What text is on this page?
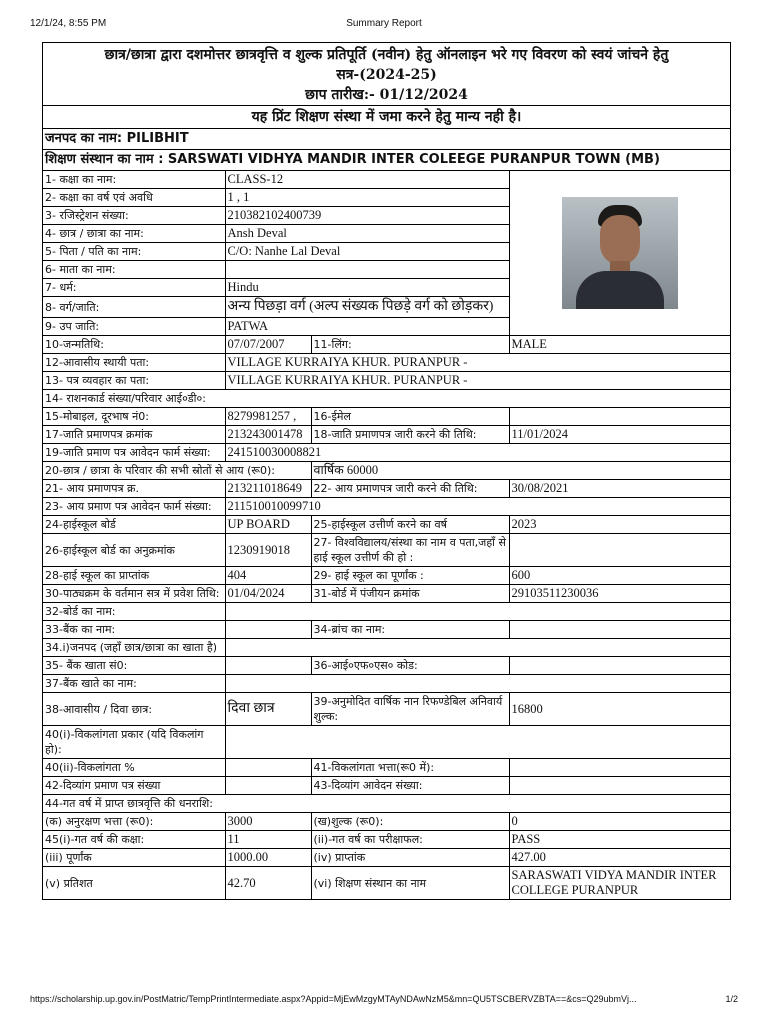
12/1/24, 8:55 PM	Summary Report
छात्र/छात्रा द्वारा दशमोत्तर छात्रवृत्ति व शुल्क प्रतिपूर्ति (नवीन) हेतु ऑनलाइन भरे गए विवरण को स्वयं जांचने हेतु
सत्र-(2024-25)
छाप तारीख:- 01/12/2024
यह प्रिंट शिक्षण संस्था में जमा करने हेतु मान्य नही है।
जनपद का नाम: PILIBHIT
शिक्षण संस्थान का नाम : SARSWATI VIDHYA MANDIR INTER COLEEGE PURANPUR TOWN (MB)
1- कक्षा का नाम:	CLASS-12		

2- कक्षा का वर्ष एवं अवधि	1 , 1		
3- रजिस्ट्रेशन संख्या:	210382102400739		
4- छात्र / छात्रा का नाम:	Ansh Deval		
5- पिता / पति का नाम:	C/O: Nanhe Lal Deval		
6- माता का नाम:			
7- धर्म:	Hindu		
8- वर्ग/जाति:	अन्य पिछड़ा वर्ग (अल्प संख्यक पिछड़े वर्ग को छोड़कर)		
9- उप जाति:	PATWA		
10-जन्मतिथि:	07/07/2007	11-लिंग:	MALE
12-आवासीय स्थायी पता:	VILLAGE KURRAIYA KHUR. PURANPUR -		
13- पत्र व्यवहार का पता:	VILLAGE KURRAIYA KHUR. PURANPUR -		
14- राशनकार्ड संख्या/परिवार आई०डी०:			
15-मोबाइल, दूरभाष नं0:	8279981257 ,	16-ईमेल	
17-जाति प्रमाणपत्र क्रमांक	213243001478	18-जाति प्रमाणपत्र जारी करने की तिथि:	11/01/2024
19-जाति प्रमाण पत्र आवेदन फार्म संख्या:	241510030008821		
20-छात्र / छात्रा के परिवार की सभी स्रोतों से आय (रू0):		वार्षिक 60000	
21- आय प्रमाणपत्र क्र.	213211018649	22- आय प्रमाणपत्र जारी करने की तिथि:	30/08/2021
23- आय प्रमाण पत्र आवेदन फार्म संख्या:	211510010099710		
24-हाईस्कूल बोर्ड	UP BOARD	25-हाईस्कूल उत्तीर्ण करने का वर्ष	2023
26-हाईस्कूल बोर्ड का अनुक्रमांक	1230919018	27- विश्वविद्यालय/संस्था का नाम व पता,जहाँ से हाई स्कूल उत्तीर्ण की हो :	
28-हाई स्कूल का प्राप्तांक	404	29- हाई स्कूल का पूर्णांक :	600
30-पाठ्यक्रम के वर्तमान सत्र में प्रवेश तिथि:	01/04/2024	31-बोर्ड में पंजीयन क्रमांक	29103511230036
32-बोर्ड का नाम:			
33-बैंक का नाम:		34-ब्रांच का नाम:	
34.i)जनपद (जहाँ छात्र/छात्रा का खाता है)			
35- बैंक खाता सं0:		36-आई०एफ०एस० कोड:	
37-बैंक खाते का नाम:			
38-आवासीय / दिवा छात्र:	दिवा छात्र	39-अनुमोदित वार्षिक नान रिफण्डेबिल अनिवार्य शुल्क:	16800
40(i)-विकलांगता प्रकार (यदि विकलांग हो):			
40(ii)-विकलांगता %		41-विकलांगता भत्ता(रू0 में):	
42-दिव्यांग प्रमाण पत्र संख्या		43-दिव्यांग आवेदन संख्या:	
44-गत वर्ष में प्राप्त छात्रवृत्ति की धनराशि:			
(क) अनुरक्षण भत्ता (रू0):	3000	(ख)शुल्क (रू0):	0
45(i)-गत वर्ष की कक्षा:	11	(ii)-गत वर्ष का परीक्षाफल:	PASS
(iii) पूर्णांक	1000.00	(iv) प्राप्तांक	427.00
(v) प्रतिशत	42.70	(vi) शिक्षण संस्थान का नाम	SARASWATI VIDYA MANDIR INTER COLLEGE PURANPUR
https://scholarship.up.gov.in/PostMatric/TempPrintIntermediate.aspx?Appid=MjEwMzgyMTAyNDAwNzM5&mn=QU5TSCBERVZBTA==&cs=Q29ubmVj...	1/2
